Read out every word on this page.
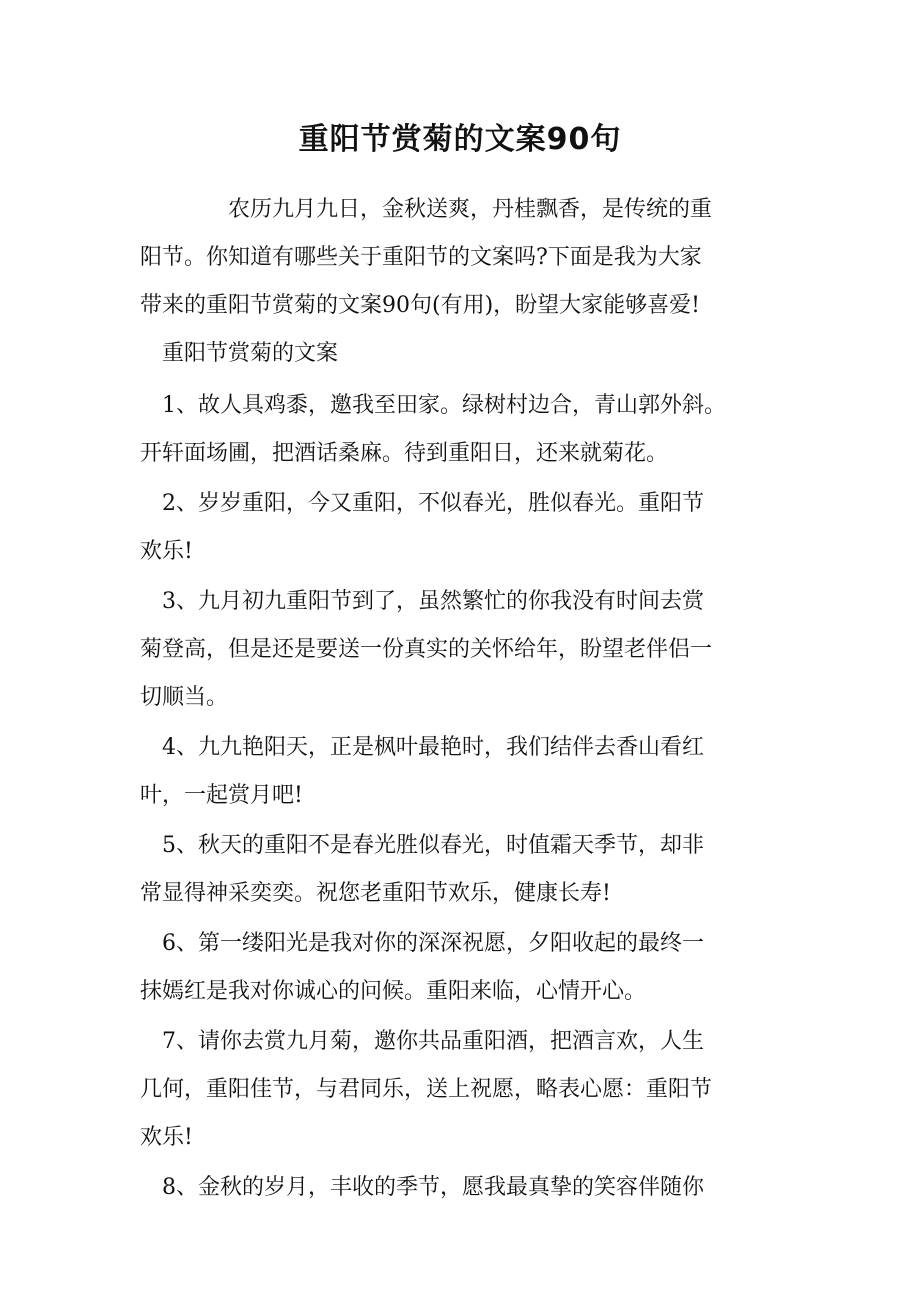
重阳节赏菊的文案90句
农历九月九日，金秋送爽，丹桂飘香，是传统的重
阳节。你知道有哪些关于重阳节的文案吗?下面是我为大家
带来的重阳节赏菊的文案90句(有用)，盼望大家能够喜爱!
重阳节赏菊的文案
1、故人具鸡黍，邀我至田家。绿树村边合，青山郭外斜。
开轩面场圃，把酒话桑麻。待到重阳日，还来就菊花。
2、岁岁重阳，今又重阳，不似春光，胜似春光。重阳节
欢乐!
3、九月初九重阳节到了，虽然繁忙的你我没有时间去赏
菊登高，但是还是要送一份真实的关怀给年，盼望老伴侣一
切顺当。
4、九九艳阳天，正是枫叶最艳时，我们结伴去香山看红
叶，一起赏月吧!
5、秋天的重阳不是春光胜似春光，时值霜天季节，却非
常显得神采奕奕。祝您老重阳节欢乐，健康长寿!
6、第一缕阳光是我对你的深深祝愿，夕阳收起的最终一
抹嫣红是我对你诚心的问候。重阳来临，心情开心。
7、请你去赏九月菊，邀你共品重阳酒，把酒言欢，人生
几何，重阳佳节，与君同乐，送上祝愿，略表心愿：重阳节
欢乐!
8、金秋的岁月，丰收的季节，愿我最真挚的笑容伴随你
